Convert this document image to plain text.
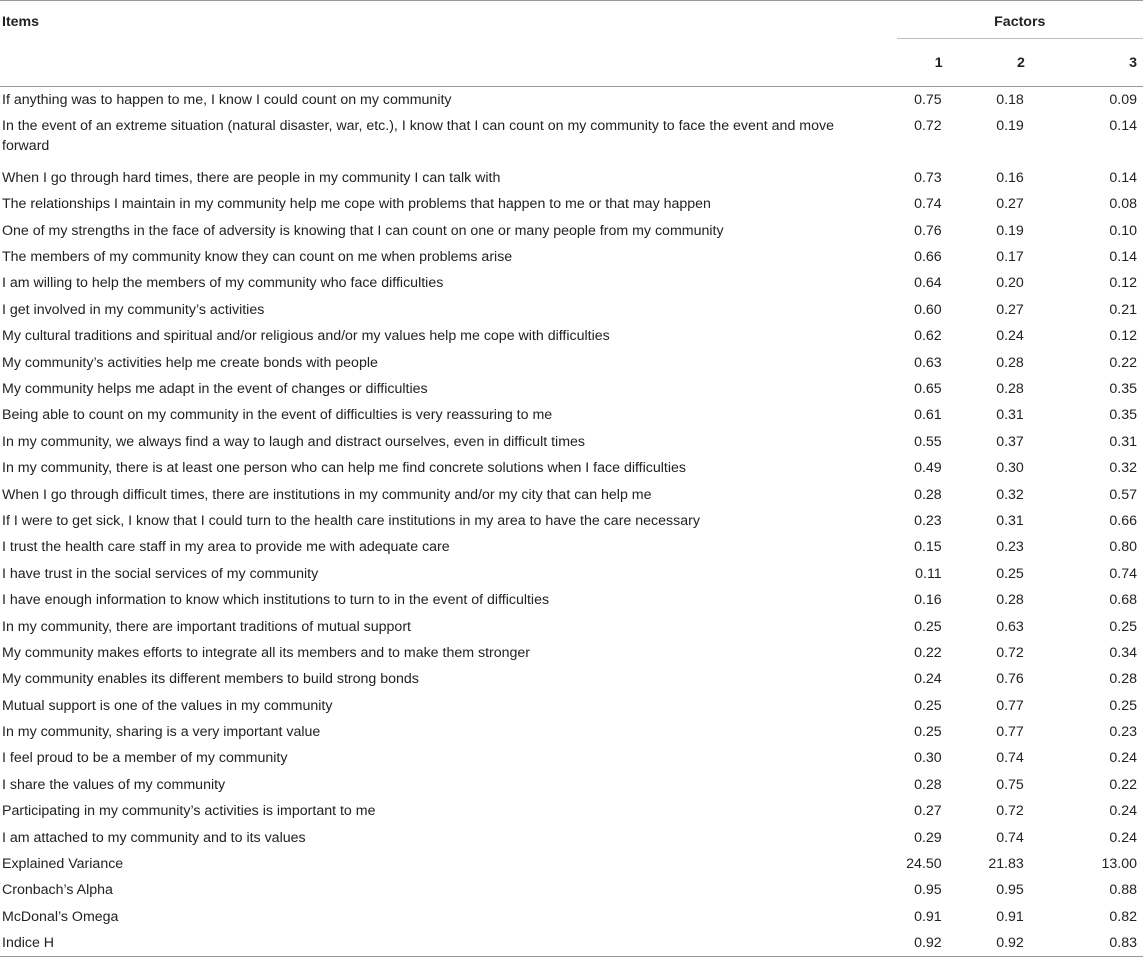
Items	Factors		

	1	2	3
If anything was to happen to me, I know I could count on my community	0.75	0.18	0.09
In the event of an extreme situation (natural disaster, war, etc.), I know that I can count on my community to face the event and move forward	0.72	0.19	0.14
When I go through hard times, there are people in my community I can talk with	0.73	0.16	0.14
The relationships I maintain in my community help me cope with problems that happen to me or that may happen	0.74	0.27	0.08
One of my strengths in the face of adversity is knowing that I can count on one or many people from my community	0.76	0.19	0.10
The members of my community know they can count on me when problems arise	0.66	0.17	0.14
I am willing to help the members of my community who face difficulties	0.64	0.20	0.12
I get involved in my community’s activities	0.60	0.27	0.21
My cultural traditions and spiritual and/or religious and/or my values help me cope with difficulties	0.62	0.24	0.12
My community’s activities help me create bonds with people	0.63	0.28	0.22
My community helps me adapt in the event of changes or difficulties	0.65	0.28	0.35
Being able to count on my community in the event of difficulties is very reassuring to me	0.61	0.31	0.35
In my community, we always find a way to laugh and distract ourselves, even in difficult times	0.55	0.37	0.31
In my community, there is at least one person who can help me find concrete solutions when I face difficulties	0.49	0.30	0.32
When I go through difficult times, there are institutions in my community and/or my city that can help me	0.28	0.32	0.57
If I were to get sick, I know that I could turn to the health care institutions in my area to have the care necessary	0.23	0.31	0.66
I trust the health care staff in my area to provide me with adequate care	0.15	0.23	0.80
I have trust in the social services of my community	0.11	0.25	0.74
I have enough information to know which institutions to turn to in the event of difficulties	0.16	0.28	0.68
In my community, there are important traditions of mutual support	0.25	0.63	0.25
My community makes efforts to integrate all its members and to make them stronger	0.22	0.72	0.34
My community enables its different members to build strong bonds	0.24	0.76	0.28
Mutual support is one of the values in my community	0.25	0.77	0.25
In my community, sharing is a very important value	0.25	0.77	0.23
I feel proud to be a member of my community	0.30	0.74	0.24
I share the values of my community	0.28	0.75	0.22
Participating in my community’s activities is important to me	0.27	0.72	0.24
I am attached to my community and to its values	0.29	0.74	0.24
Explained Variance	24.50	21.83	13.00
Cronbach’s Alpha	0.95	0.95	0.88
McDonal’s Omega	0.91	0.91	0.82
Indice H	0.92	0.92	0.83
